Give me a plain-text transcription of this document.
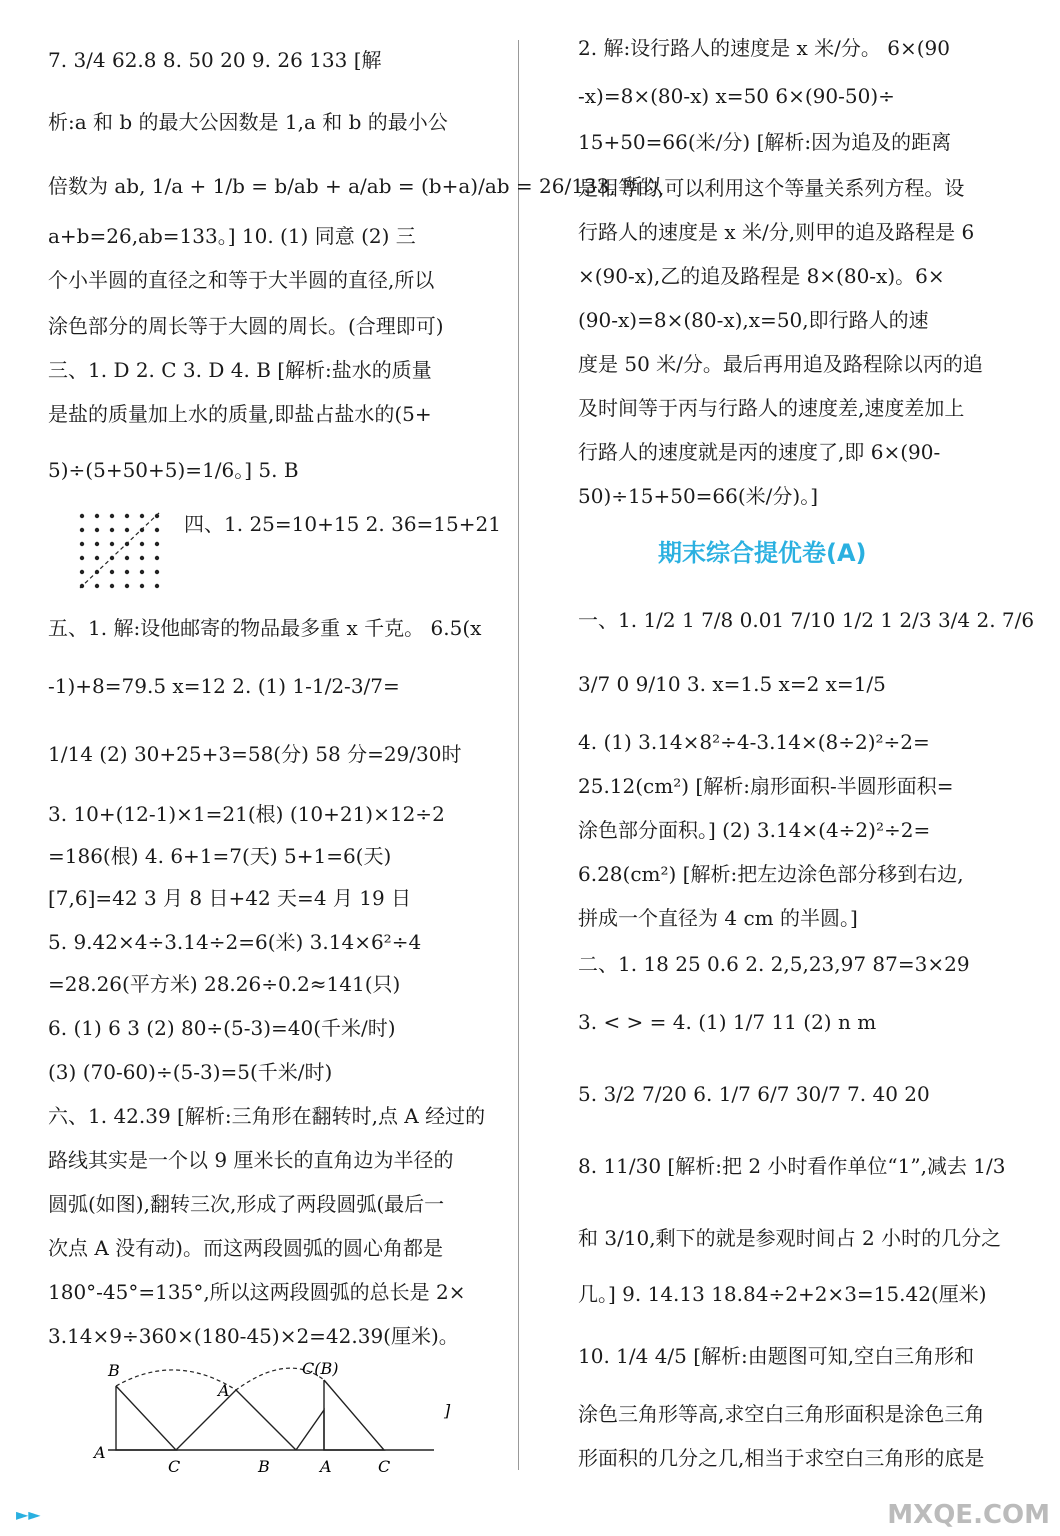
7. 3/4 62.8 8. 50 20 9. 26 133 [解
析:a 和 b 的最大公因数是 1,a 和 b 的最小公
倍数为 ab, 1/a + 1/b = b/ab + a/ab = (b+a)/ab = 26/133, 所以
a+b=26,ab=133。] 10. (1) 同意 (2) 三
个小半圆的直径之和等于大半圆的直径,所以
涂色部分的周长等于大圆的周长。(合理即可)
三、1. D 2. C 3. D 4. B [解析:盐水的质量
是盐的质量加上水的质量,即盐占盐水的(5+
5)÷(5+50+5)=1/6。] 5. B
四、1. 25=10+15 2. 36=15+21
五、1. 解:设他邮寄的物品最多重 x 千克。 6.5(x
-1)+8=79.5 x=12 2. (1) 1-1/2-3/7=
1/14 (2) 30+25+3=58(分) 58 分=29/30时
3. 10+(12-1)×1=21(根) (10+21)×12÷2
=186(根) 4. 6+1=7(天) 5+1=6(天)
[7,6]=42 3 月 8 日+42 天=4 月 19 日
5. 9.42×4÷3.14÷2=6(米) 3.14×6²÷4
=28.26(平方米) 28.26÷0.2≈141(只)
6. (1) 6 3 (2) 80÷(5-3)=40(千米/时)
(3) (70-60)÷(5-3)=5(千米/时)
六、1. 42.39 [解析:三角形在翻转时,点 A 经过的
路线其实是一个以 9 厘米长的直角边为半径的
圆弧(如图),翻转三次,形成了两段圆弧(最后一
次点 A 没有动)。而这两段圆弧的圆心角都是
180°-45°=135°,所以这两段圆弧的总长是 2×
3.14×9÷360×(180-45)×2=42.39(厘米)。
B
A
C
A
B
C(B)
A	C
]
2. 解:设行路人的速度是 x 米/分。 6×(90
-x)=8×(80-x) x=50 6×(90-50)÷
15+50=66(米/分) [解析:因为追及的距离
是相等的,可以利用这个等量关系列方程。设
行路人的速度是 x 米/分,则甲的追及路程是 6
×(90-x),乙的追及路程是 8×(80-x)。6×
(90-x)=8×(80-x),x=50,即行路人的速
度是 50 米/分。最后再用追及路程除以丙的追
及时间等于丙与行路人的速度差,速度差加上
行路人的速度就是丙的速度了,即 6×(90-
50)÷15+50=66(米/分)。]
期末综合提优卷(A)
一、1. 1/2 1 7/8 0.01 7/10 1/2 1 2/3 3/4 2. 7/6
3/7 0 9/10 3. x=1.5 x=2 x=1/5
4. (1) 3.14×8²÷4-3.14×(8÷2)²÷2=
25.12(cm²) [解析:扇形面积-半圆形面积=
涂色部分面积。] (2) 3.14×(4÷2)²÷2=
6.28(cm²) [解析:把左边涂色部分移到右边,
拼成一个直径为 4 cm 的半圆。]
二、1. 18 25 0.6 2. 2,5,23,97 87=3×29
3. < > = 4. (1) 1/7 11 (2) n m
5. 3/2 7/20 6. 1/7 6/7 30/7 7. 40 20
8. 11/30 [解析:把 2 小时看作单位“1”,减去 1/3
和 3/10,剩下的就是参观时间占 2 小时的几分之
几。] 9. 14.13 18.84÷2+2×3=15.42(厘米)
10. 1/4 4/5 [解析:由题图可知,空白三角形和
涂色三角形等高,求空白三角形面积是涂色三角
形面积的几分之几,相当于求空白三角形的底是
►►	MXQE.COM
